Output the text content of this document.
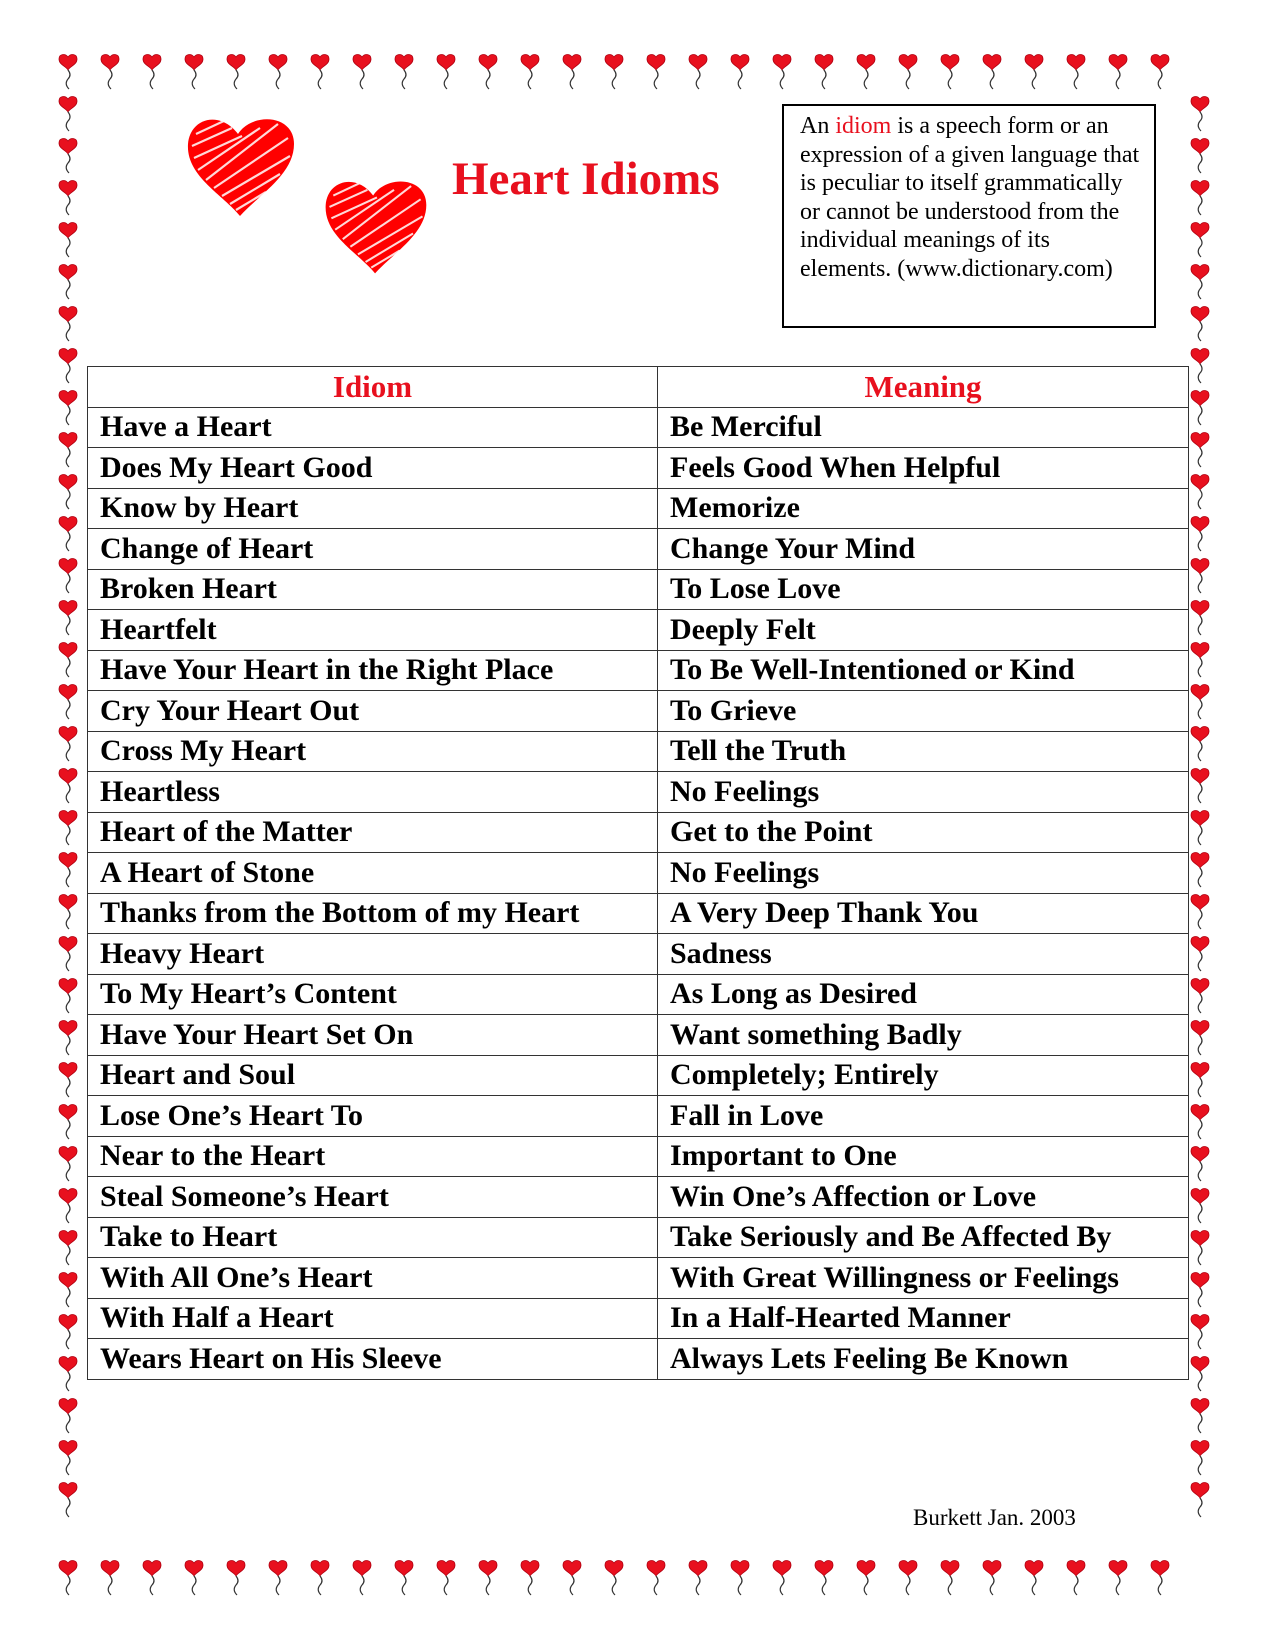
Heart Idioms
An idiom is a speech form or an expression of a given language that is peculiar to itself grammatically or cannot be understood from the individual meanings of its elements. (www.dictionary.com)
Idiom	Meaning
Have a Heart	Be Merciful
Does My Heart Good	Feels Good When Helpful
Know by Heart	Memorize
Change of Heart	Change Your Mind
Broken Heart	To Lose Love
Heartfelt	Deeply Felt
Have Your Heart in the Right Place	To Be Well-Intentioned or Kind
Cry Your Heart Out	To Grieve
Cross My Heart	Tell the Truth
Heartless	No Feelings
Heart of the Matter	Get to the Point
A Heart of Stone	No Feelings
Thanks from the Bottom of my Heart	A Very Deep Thank You
Heavy Heart	Sadness
To My Heart’s Content	As Long as Desired
Have Your Heart Set On	Want something Badly
Heart and Soul	Completely; Entirely
Lose One’s Heart To	Fall in Love
Near to the Heart	Important to One
Steal Someone’s Heart	Win One’s Affection or Love
Take to Heart	Take Seriously and Be Affected By
With All One’s Heart	With Great Willingness or Feelings
With Half a Heart	In a Half-Hearted Manner
Wears Heart on His Sleeve	Always Lets Feeling Be Known
Burkett Jan. 2003
